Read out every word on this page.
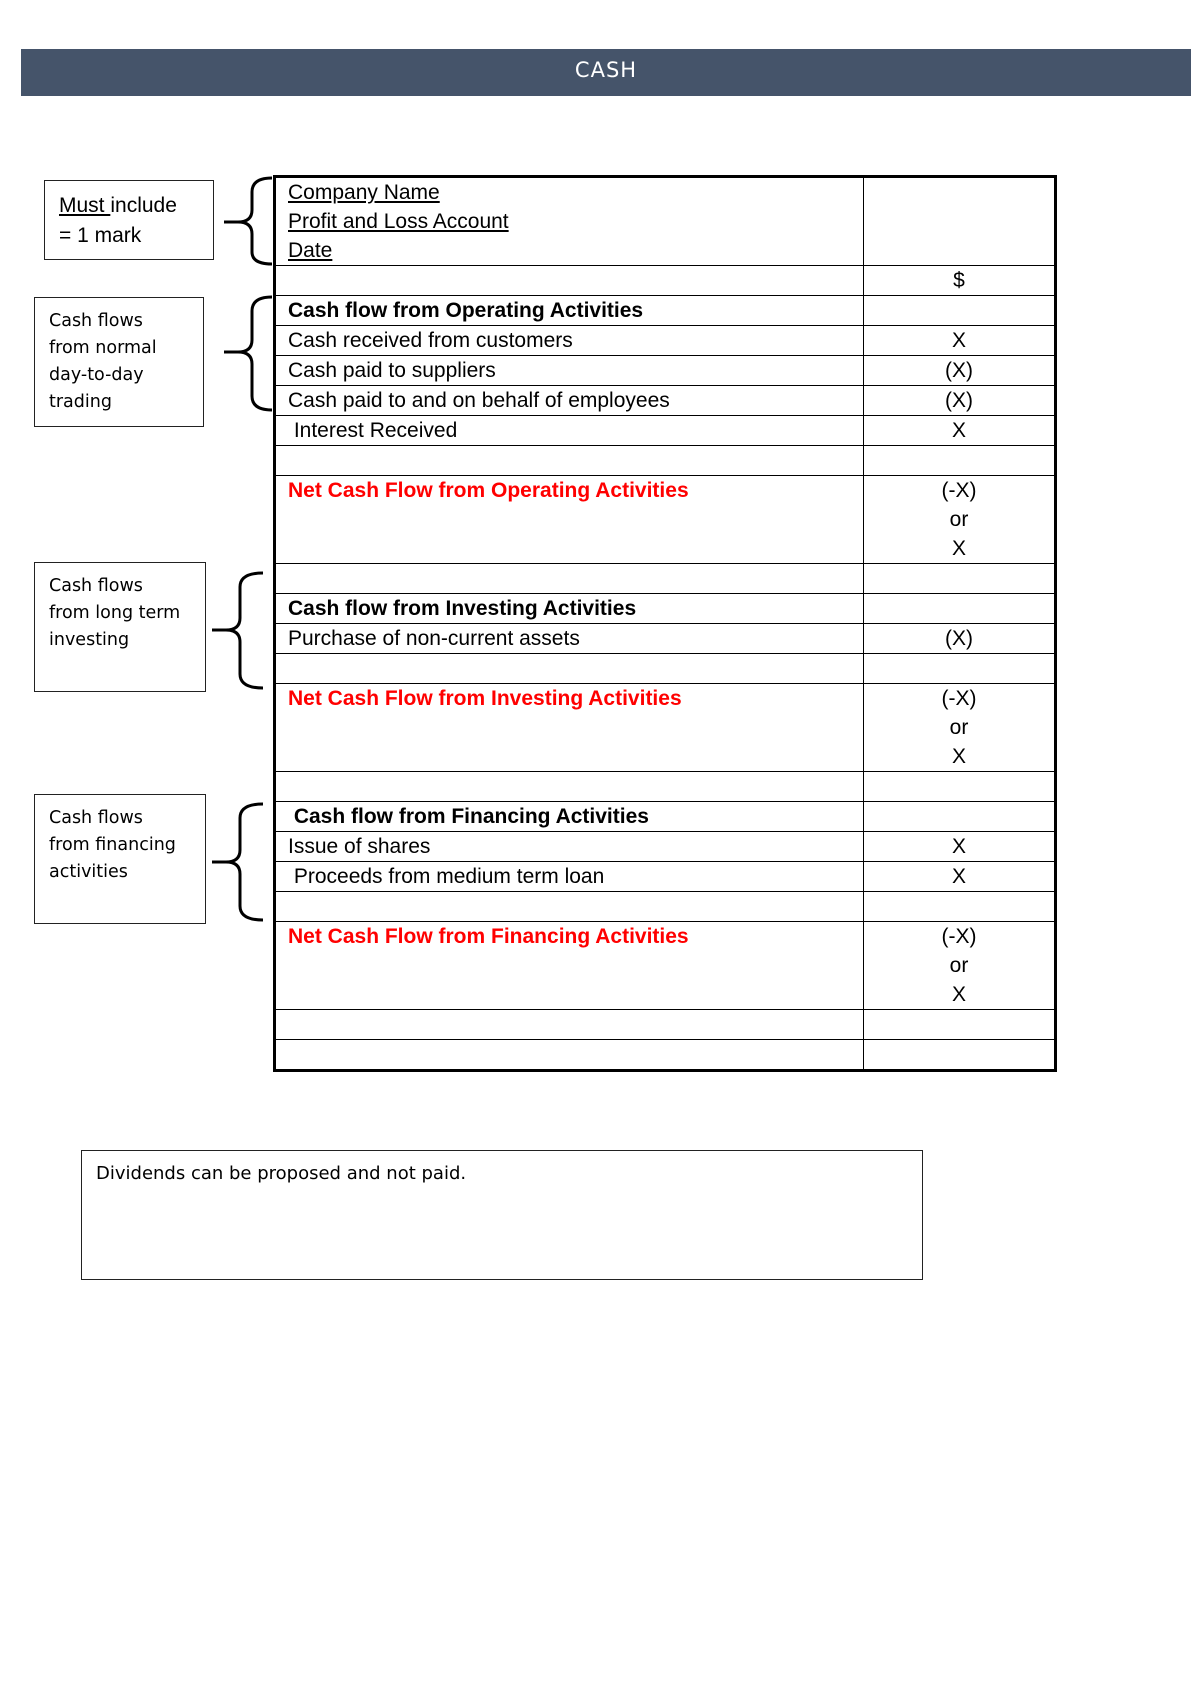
CASH

Must include

= 1 mark

Cash flows

from normal

day-to-day

trading

Cash flows

from long term

investing

Cash flows

from financing

activities

Dividends can be proposed and not paid.

Company Name
Profit and Loss Account
Date	

	$
Cash flow from Operating Activities	
Cash received from customers	X
Cash paid to suppliers	(X)
Cash paid to and on behalf of employees	(X)
Interest Received	X

Net Cash Flow from Operating Activities	(-X)
or
X

Cash flow from Investing Activities	
Purchase of non-current assets	(X)

Net Cash Flow from Investing Activities	(-X)
or
X

Cash flow from Financing Activities	
Issue of shares	X
Proceeds from medium term loan	X

Net Cash Flow from Financing Activities	(-X)
or
X
